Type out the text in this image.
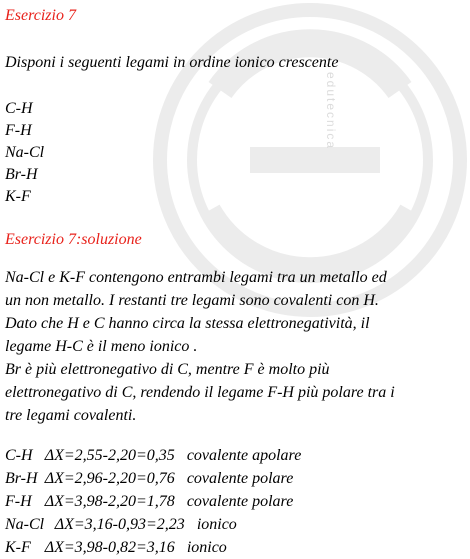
edutecnica
Esercizio 7
Disponi i seguenti legami in ordine ionico crescente
C-H
F-H
Na-Cl
Br-H
K-F
Esercizio 7:soluzione
Na-Cl e K-F contengono entrambi legami tra un metallo ed
un non metallo. I restanti tre legami sono covalenti con H.
Dato che H e C hanno circa la stessa elettronegatività, il
legame H-C è il meno ionico .
Br è più elettronegativo di C, mentre F è molto più
elettronegativo di C, rendendo il legame F-H più polare tra i
tre legami covalenti.
C-H ΔX=2,55-2,20=0,35 covalente apolare
Br-H ΔX=2,96-2,20=0,76 covalente polare
F-H ΔX=3,98-2,20=1,78 covalente polare
Na-Cl ΔX=3,16-0,93=2,23 ionico
K-F ΔX=3,98-0,82=3,16 ionico
